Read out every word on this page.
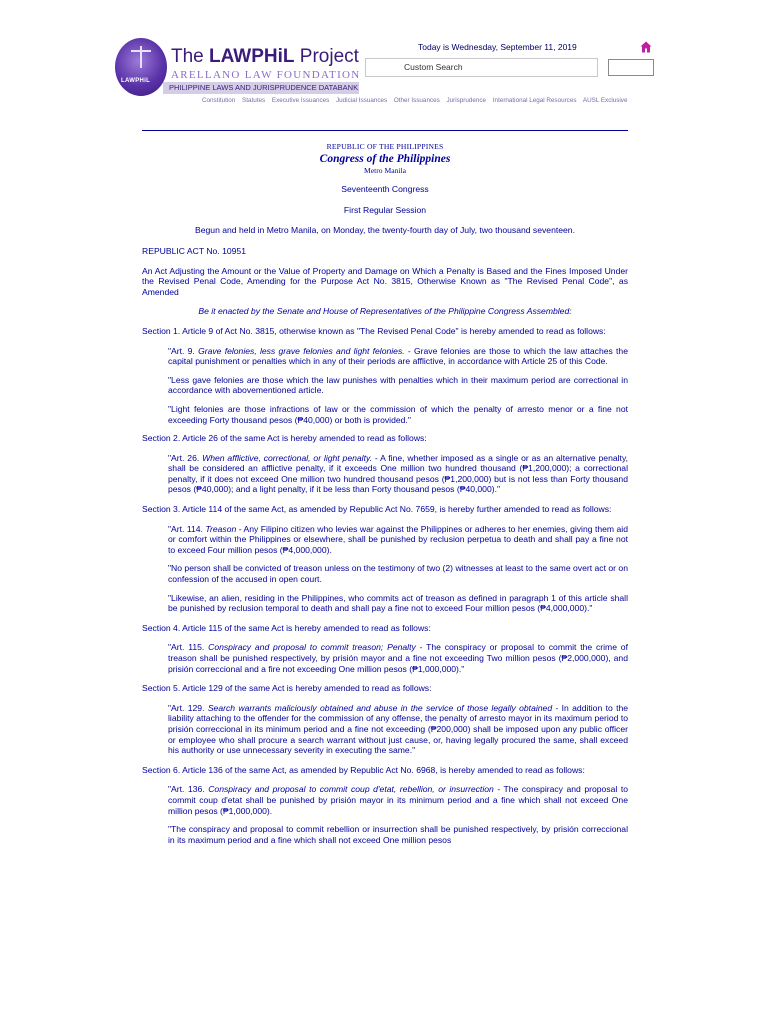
LAWPHiL
The LAWPHiL Project
ARELLANO LAW FOUNDATION
PHILIPPINE LAWS AND JURISPRUDENCE DATABANK
Today is Wednesday, September 11, 2019
Custom Search
Constitution Statutes Executive Issuances Judicial Issuances Other Issuances Jurisprudence International Legal Resources AUSL Exclusive
REPUBLIC OF THE PHILIPPINES
Congress of the Philippines
Metro Manila
Seventeenth Congress
First Regular Session
Begun and held in Metro Manila, on Monday, the twenty-fourth day of July, two thousand seventeen.
REPUBLIC ACT No. 10951
An Act Adjusting the Amount or the Value of Property and Damage on Which a Penalty is Based and the Fines Imposed Under the Revised Penal Code, Amending for the Purpose Act No. 3815, Otherwise Known as "The Revised Penal Code", as Amended
Be it enacted by the Senate and House of Representatives of the Philippine Congress Assembled:
Section 1. Article 9 of Act No. 3815, otherwise known as "The Revised Penal Code" is hereby amended to read as follows:
"Art. 9. Grave felonies, less grave felonies and light felonies. - Grave felonies are those to which the law attaches the capital punishment or penalties which in any of their periods are afflictive, in accordance with Article 25 of this Code.
"Less gave felonies are those which the law punishes with penalties which in their maximum period are correctional in accordance with abovementioned article.
"Light felonies are those infractions of law or the commission of which the penalty of arresto menor or a fine not exceeding Forty thousand pesos (₱40,000) or both is provided."
Section 2. Article 26 of the same Act is hereby amended to read as follows:
"Art. 26. When afflictive, correctional, or light penalty. - A fine, whether imposed as a single or as an alternative penalty, shall be considered an afflictive penalty, if it exceeds One million two hundred thousand (₱1,200,000); a correctional penalty, if it does not exceed One million two hundred thousand pesos (₱1,200,000) but is not less than Forty thousand pesos (₱40,000); and a light penalty, if it be less than Forty thousand pesos (₱40,000)."
Section 3. Article 114 of the same Act, as amended by Republic Act No. 7659, is hereby further amended to read as follows:
"Art. 114. Treason - Any Filipino citizen who levies war against the Philippines or adheres to her enemies, giving them aid or comfort within the Philippines or elsewhere, shall be punished by reclusion perpetua to death and shall pay a fine not to exceed Four million pesos (₱4,000,000).
"No person shall be convicted of treason unless on the testimony of two (2) witnesses at least to the same overt act or on confession of the accused in open court.
"Likewise, an alien, residing in the Philippines, who commits act of treason as defined in paragraph 1 of this article shall be punished by reclusion temporal to death and shall pay a fine not to exceed Four million pesos (₱4,000,000)."
Section 4. Article 115 of the same Act is hereby amended to read as follows:
"Art. 115. Conspiracy and proposal to commit treason; Penalty - The conspiracy or proposal to commit the crime of treason shall be punished respectively, by prisión mayor and a fine not exceeding Two million pesos (₱2,000,000), and prisión correccional and a fire not exceeding One million pesos (₱1,000,000)."
Section 5. Article 129 of the same Act is hereby amended to read as follows:
"Art. 129. Search warrants maliciously obtained and abuse in the service of those legally obtained - In addition to the liability attaching to the offender for the commission of any offense, the penalty of arresto mayor in its maximum period to prisión correccional in its minimum period and a fine not exceeding (₱200,000) shall be imposed upon any public officer or employee who shall procure a search warrant without just cause, or, having legally procured the same, shall exceed his authority or use unnecessary severity in executing the same."
Section 6. Article 136 of the same Act, as amended by Republic Act No. 6968, is hereby amended to read as follows:
"Art. 136. Conspiracy and proposal to commit coup d'etat, rebellion, or insurrection - The conspiracy and proposal to commit coup d'etat shall be punished by prisión mayor in its minimum period and a fine which shall not exceed One million pesos (₱1,000,000).
"The conspiracy and proposal to commit rebellion or insurrection shall be punished respectively, by prisión correccional in its maximum period and a fine which shall not exceed One million pesos
